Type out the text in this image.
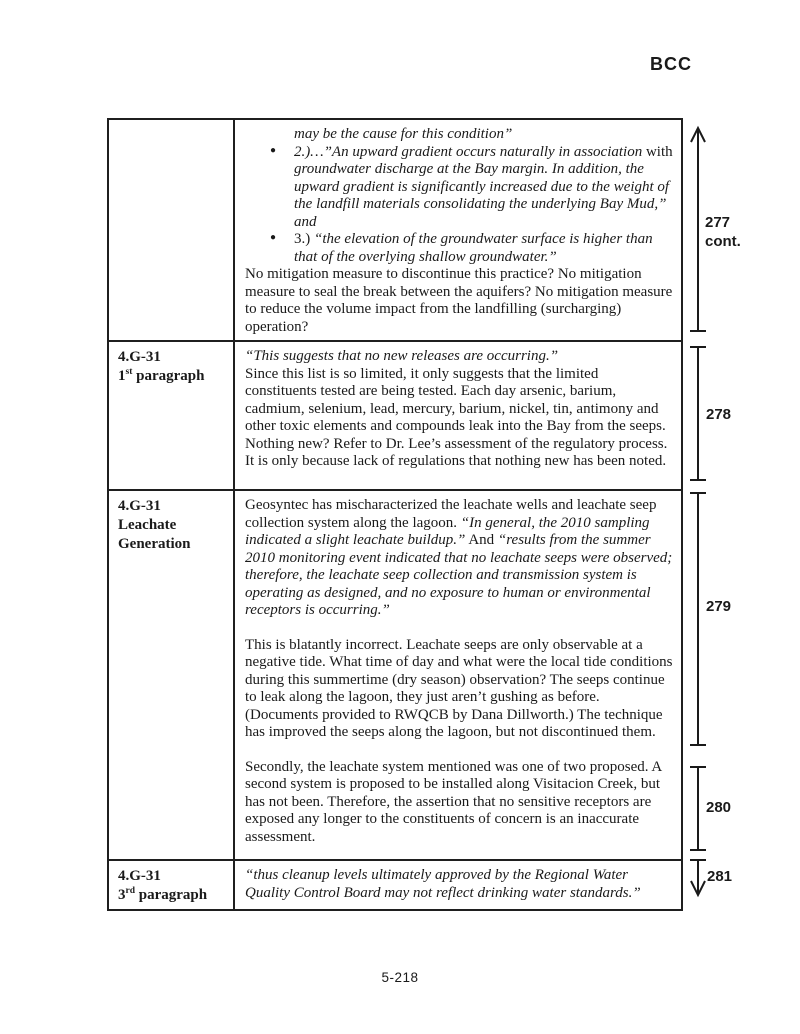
BCC
may be the cause for this condition”
● 2.)…”An upward gradient occurs naturally in association with groundwater discharge at the Bay margin. In addition, the upward gradient is significantly increased due to the weight of the landfill materials consolidating the underlying Bay Mud,” and
● 3.) “the elevation of the groundwater surface is higher than that of the overlying shallow groundwater.”
No mitigation measure to discontinue this practice? No mitigation measure to seal the break between the aquifers? No mitigation measure to reduce the volume impact from the landfilling (surcharging) operation?
4.G-31
1st paragraph
“This suggests that no new releases are occurring.”
Since this list is so limited, it only suggests that the limited constituents tested are being tested. Each day arsenic, barium, cadmium, selenium, lead, mercury, barium, nickel, tin, antimony and other toxic elements and compounds leak into the Bay from the seeps. Nothing new? Refer to Dr. Lee’s assessment of the regulatory process. It is only because lack of regulations that nothing new has been noted.
4.G-31
Leachate
Generation
Geosyntec has mischaracterized the leachate wells and leachate seep collection system along the lagoon. “In general, the 2010 sampling indicated a slight leachate buildup.” And “results from the summer 2010 monitoring event indicated that no leachate seeps were observed; therefore, the leachate seep collection and transmission system is operating as designed, and no exposure to human or environmental receptors is occurring.”
This is blatantly incorrect. Leachate seeps are only observable at a negative tide. What time of day and what were the local tide conditions during this summertime (dry season) observation? The seeps continue to leak along the lagoon, they just aren’t gushing as before. (Documents provided to RWQCB by Dana Dillworth.) The technique has improved the seeps along the lagoon, but not discontinued them.
Secondly, the leachate system mentioned was one of two proposed. A second system is proposed to be installed along Visitacion Creek, but has not been. Therefore, the assertion that no sensitive receptors are exposed any longer to the constituents of concern is an inaccurate assessment.
4.G-31
3rd paragraph
“thus cleanup levels ultimately approved by the Regional Water Quality Control Board may not reflect drinking water standards.”
277
cont.
278
279
280
281
5-218
